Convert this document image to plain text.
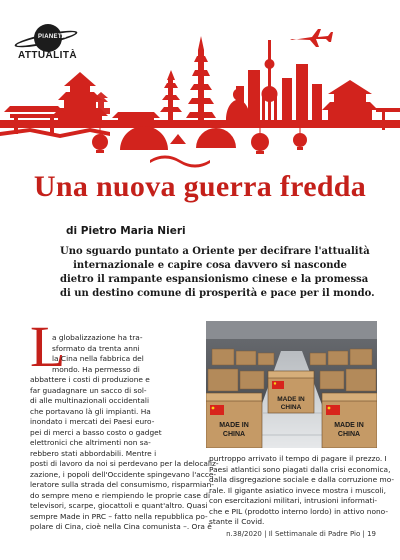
PIANETA
ATTUALITÀ
Una nuova guerra fredda
di Pietro Maria Nieri
Uno sguardo puntato a Oriente per decifrare l'attualità
internazionale e capire cosa davvero si nasconde
dietro il rampante espansionismo cinese e la promessa
di un destino comune di prosperità e pace per il mondo.
L
a globalizzazione ha tra-
sformato da trenta anni
la Cina nella fabbrica del
mondo. Ha permesso di
abbattere i costi di produzione e
far guadagnare un sacco di sol-
di alle multinazionali occidentali
che portavano là gli impianti. Ha
inondato i mercati dei Paesi euro-
pei di merci a basso costo o gadget
elettronici che altrimenti non sa-
rebbero stati abbordabili. Mentre i
posti di lavoro da noi si perdevano per la delocaliz-
zazione, i popoli dell'Occidente spingevano l'acce-
leratore sulla strada del consumismo, risparmian-
do sempre meno e riempiendo le proprie case di
televisori, scarpe, giocattoli e quant'altro. Quasi
sempre Made in PRC – fatto nella repubblica po-
polare di Cina, cioè nella Cina comunista –. Ora è
MADE IN
CHINA
MADE IN
CHINA
MADE IN
CHINA
purtroppo arrivato il tempo di pagare il prezzo. I
Paesi atlantici sono piagati dalla crisi economica,
dalla disgregazione sociale e dalla corruzione mo-
rale. Il gigante asiatico invece mostra i muscoli,
con esercitazioni militari, intrusioni informati-
che e PIL (prodotto interno lordo) in attivo nono-
stante il Covid.
n.38/2020 | Il Settimanale di Padre Pio | 19
